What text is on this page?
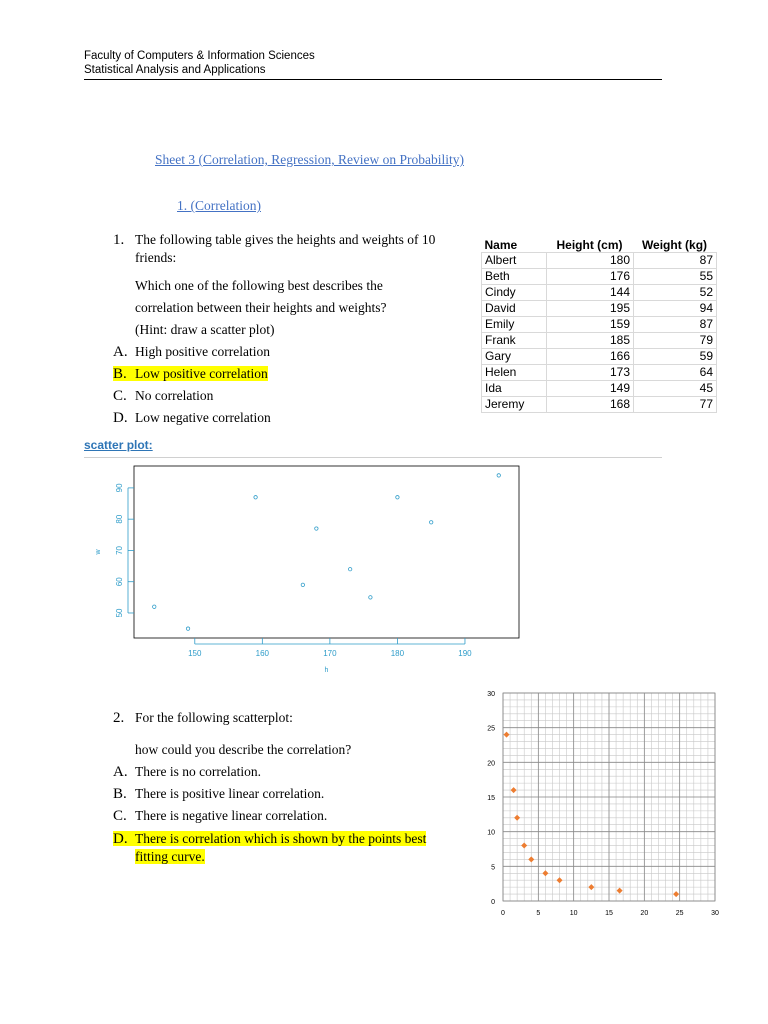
Faculty of Computers & Information Sciences
Statistical Analysis and Applications
Sheet 3 (Correlation, Regression, Review on Probability)
1. (Correlation)
1. The following table gives the heights and weights of 10
friends:
Which one of the following best describes the
correlation between their heights and weights?
(Hint: draw a scatter plot)
A. High positive correlation
B. Low positive correlation
C. No correlation
D. Low negative correlation
Name	Height (cm)	Weight (kg)
Albert	180	87
Beth	176	55
Cindy	144	52
David	195	94
Emily	159	87
Frank	185	79
Gary	166	59
Helen	173	64
Ida	149	45
Jeremy	168	77
scatter plot:
150	160	170	180	190
50
60
70
80
90
h
w
2. For the following scatterplot:
how could you describe the correlation?
A. There is no correlation.
B. There is positive linear correlation.
C. There is negative linear correlation.
D. There is correlation which is shown by the points best
fitting curve.
0	5	10	15	20	25	30
0
5
10
15
20
25
30
